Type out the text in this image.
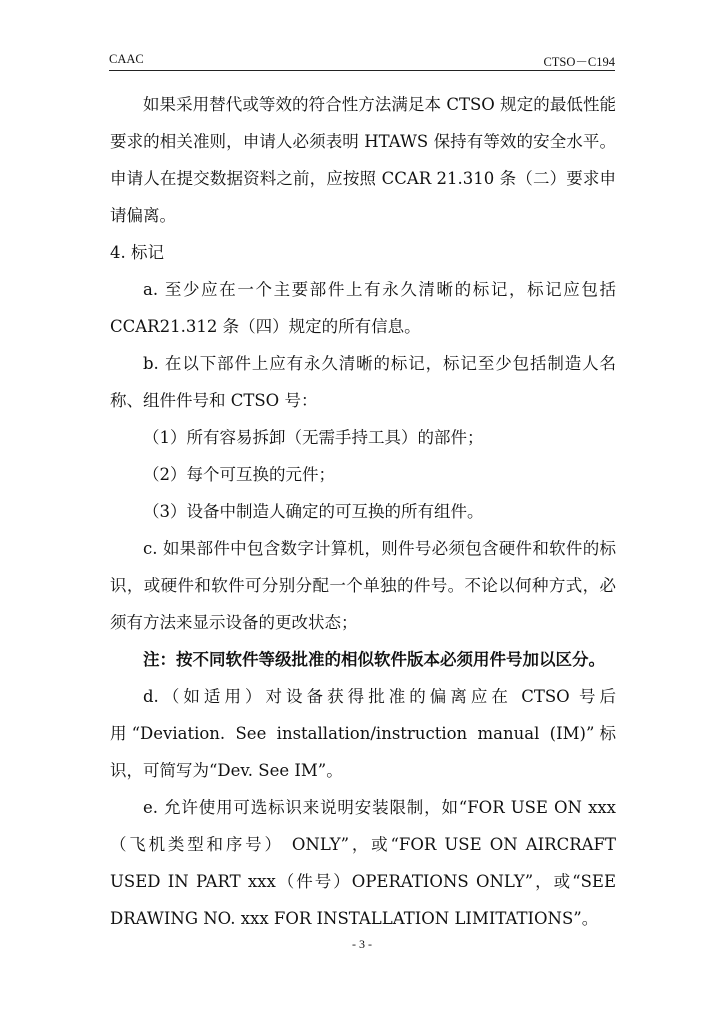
CAAC	CTSO－C194

如果采用替代或等效的符合性方法满足本 CTSO 规定的最低性能要求的相关准则，申请人必须表明 HTAWS 保持有等效的安全水平。申请人在提交数据资料之前，应按照 CCAR 21.310 条（二）要求申请偏离。

4. 标记

a. 至少应在一个主要部件上有永久清晰的标记，标记应包括CCAR21.312 条（四）规定的所有信息。

b. 在以下部件上应有永久清晰的标记，标记至少包括制造人名称、组件件号和 CTSO 号：

（1）所有容易拆卸（无需手持工具）的部件；

（2）每个可互换的元件；

（3）设备中制造人确定的可互换的所有组件。

c. 如果部件中包含数字计算机，则件号必须包含硬件和软件的标识，或硬件和软件可分别分配一个单独的件号。不论以何种方式，必须有方法来显示设备的更改状态；

注：按不同软件等级批准的相似软件版本必须用件号加以区分。

d.（如适用）对设备获得批准的偏离应在 CTSO 号后用“Deviation. See installation/instruction manual (IM)”标识，可简写为“Dev. See IM”。

e. 允许使用可选标识来说明安装限制，如“FOR USE ON xxx（飞机类型和序号） ONLY”，或“FOR USE ON AIRCRAFT USED IN PART xxx（件号）OPERATIONS ONLY”，或“SEE DRAWING NO. xxx FOR INSTALLATION LIMITATIONS”。

- 3 -
